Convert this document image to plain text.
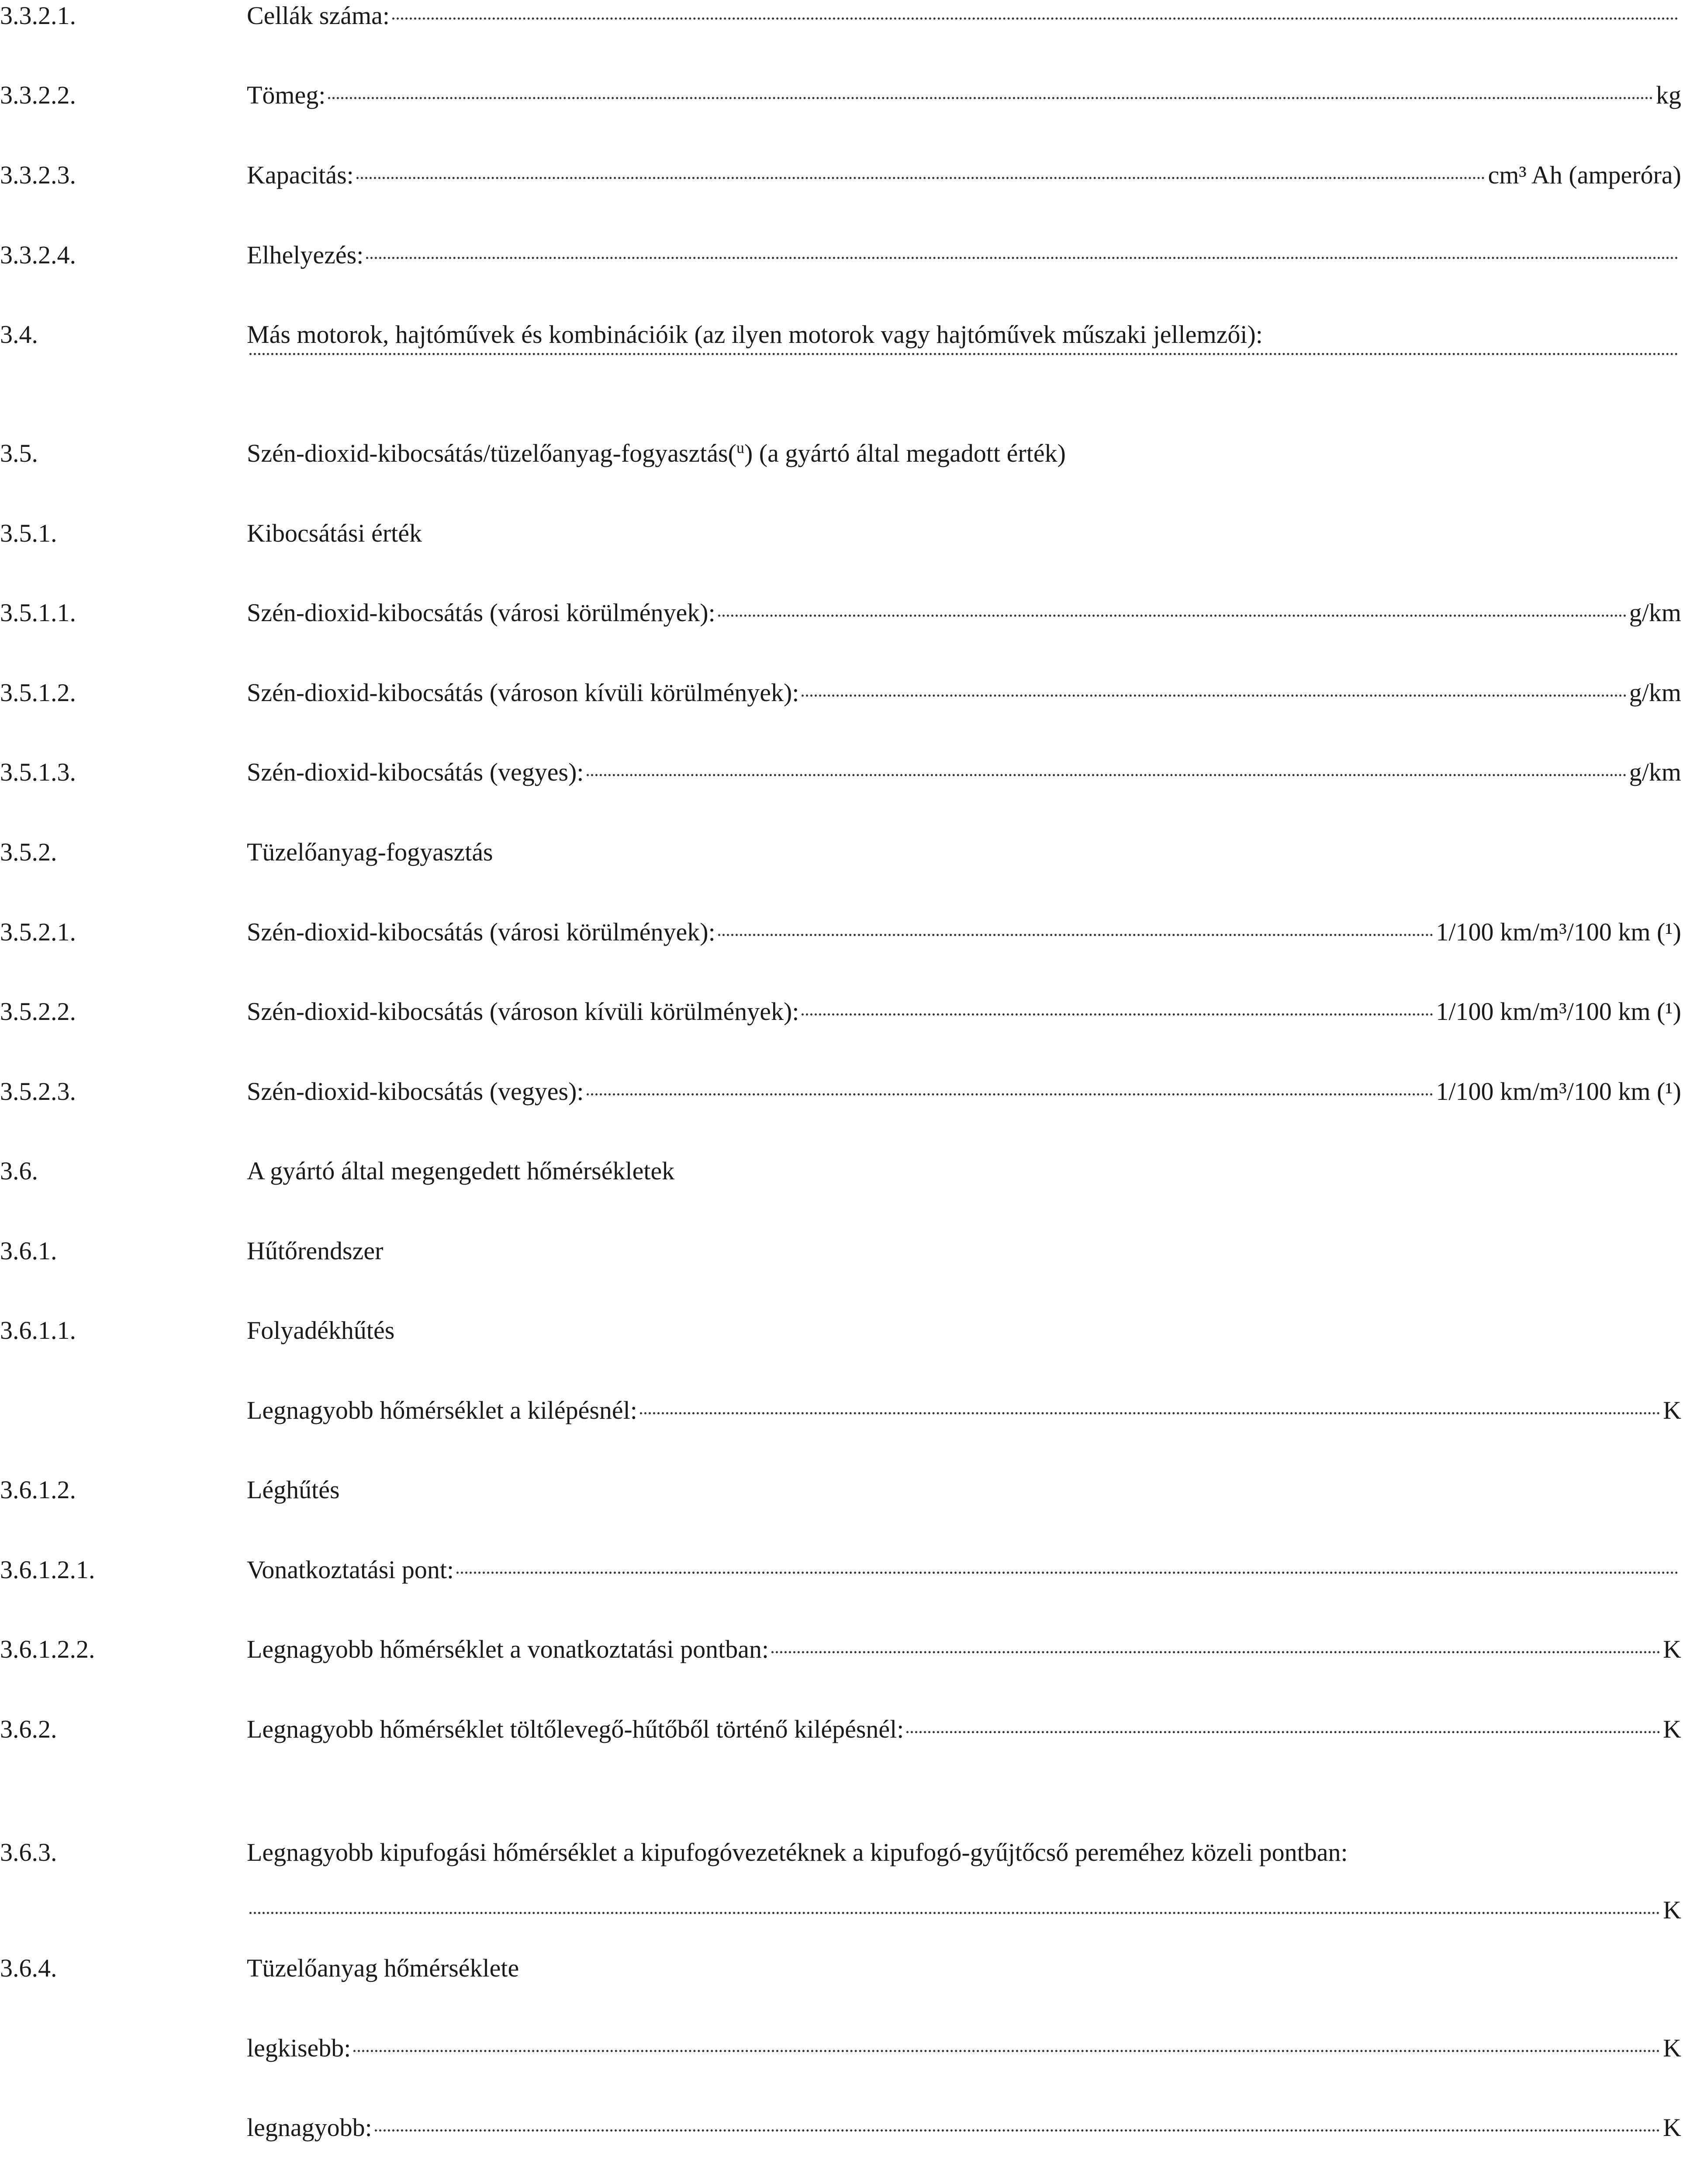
3.3.2.1.	Cellák száma:
3.3.2.2.	Tömeg:	kg
3.3.2.3.	Kapacitás:	cm³ Ah (amperóra)
3.3.2.4.	Elhelyezés:
3.4.	Más motorok, hajtóművek és kombinációik (az ilyen motorok vagy hajtóművek műszaki jellemzői):
3.5.	Szén-dioxid-kibocsátás/tüzelőanyag-fogyasztás($^u$) (a gyártó által megadott érték)
3.5.1.	Kibocsátási érték
3.5.1.1.	Szén-dioxid-kibocsátás (városi körülmények):	g/km
3.5.1.2.	Szén-dioxid-kibocsátás (városon kívüli körülmények):	g/km
3.5.1.3.	Szén-dioxid-kibocsátás (vegyes):	g/km
3.5.2.	Tüzelőanyag-fogyasztás
3.5.2.1.	Szén-dioxid-kibocsátás (városi körülmények):	1/100 km/m³/100 km (¹)
3.5.2.2.	Szén-dioxid-kibocsátás (városon kívüli körülmények):	1/100 km/m³/100 km (¹)
3.5.2.3.	Szén-dioxid-kibocsátás (vegyes):	1/100 km/m³/100 km (¹)
3.6.	A gyártó által megengedett hőmérsékletek
3.6.1.	Hűtőrendszer
3.6.1.1.	Folyadékhűtés
Legnagyobb hőmérséklet a kilépésnél:	K
3.6.1.2.	Léghűtés
3.6.1.2.1.	Vonatkoztatási pont:
3.6.1.2.2.	Legnagyobb hőmérséklet a vonatkoztatási pontban:	K
3.6.2.	Legnagyobb hőmérséklet töltőlevegő-hűtőből történő kilépésnél:	K
3.6.3.	Legnagyobb kipufogási hőmérséklet a kipufogóvezetéknek a kipufogó-gyűjtőcső pereméhez közeli pontban:
K
3.6.4.	Tüzelőanyag hőmérséklete
legkisebb:	K
legnagyobb:	K
